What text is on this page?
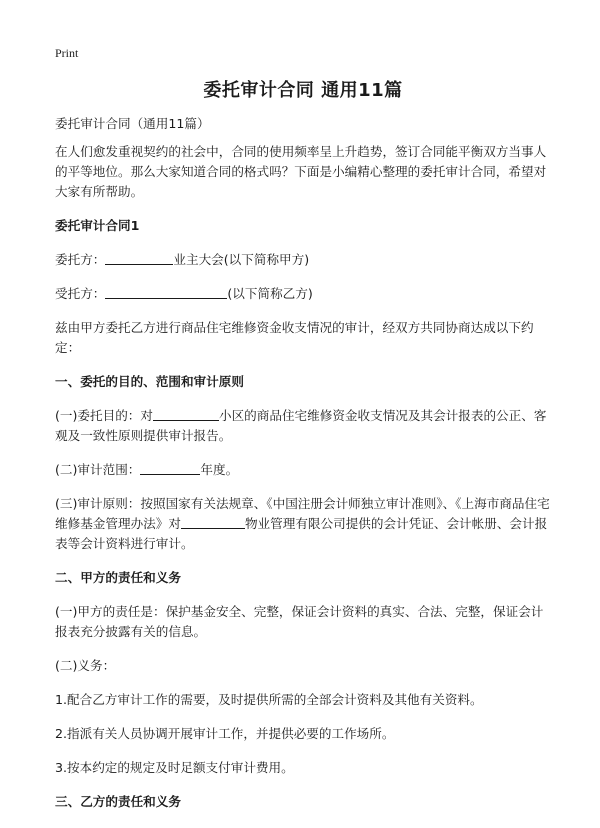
Print
委托审计合同 通用11篇

委托审计合同（通用11篇）

在人们愈发重视契约的社会中，合同的使用频率呈上升趋势，签订合同能平衡双方当事人的平等地位。那么大家知道合同的格式吗？下面是小编精心整理的委托审计合同，希望对大家有所帮助。

委托审计合同1

委托方：	业主大会(以下简称甲方)

受托方：	(以下简称乙方)

兹由甲方委托乙方进行商品住宅维修资金收支情况的审计，经双方共同协商达成以下约定：

一、委托的目的、范围和审计原则

(一)委托目的：对	小区的商品住宅维修资金收支情况及其会计报表的公正、客观及一致性原则提供审计报告。

(二)审计范围：	年度。

(三)审计原则：按照国家有关法规章、《中国注册会计师独立审计准则》、《上海市商品住宅维修基金管理办法》对	物业管理有限公司提供的会计凭证、会计帐册、会计报表等会计资料进行审计。

二、甲方的责任和义务

(一)甲方的责任是：保护基金安全、完整，保证会计资料的真实、合法、完整，保证会计报表充分披露有关的信息。

(二)义务：

1.配合乙方审计工作的需要，及时提供所需的全部会计资料及其他有关资料。

2.指派有关人员协调开展审计工作，并提供必要的工作场所。

3.按本约定的规定及时足额支付审计费用。

三、乙方的责任和义务
